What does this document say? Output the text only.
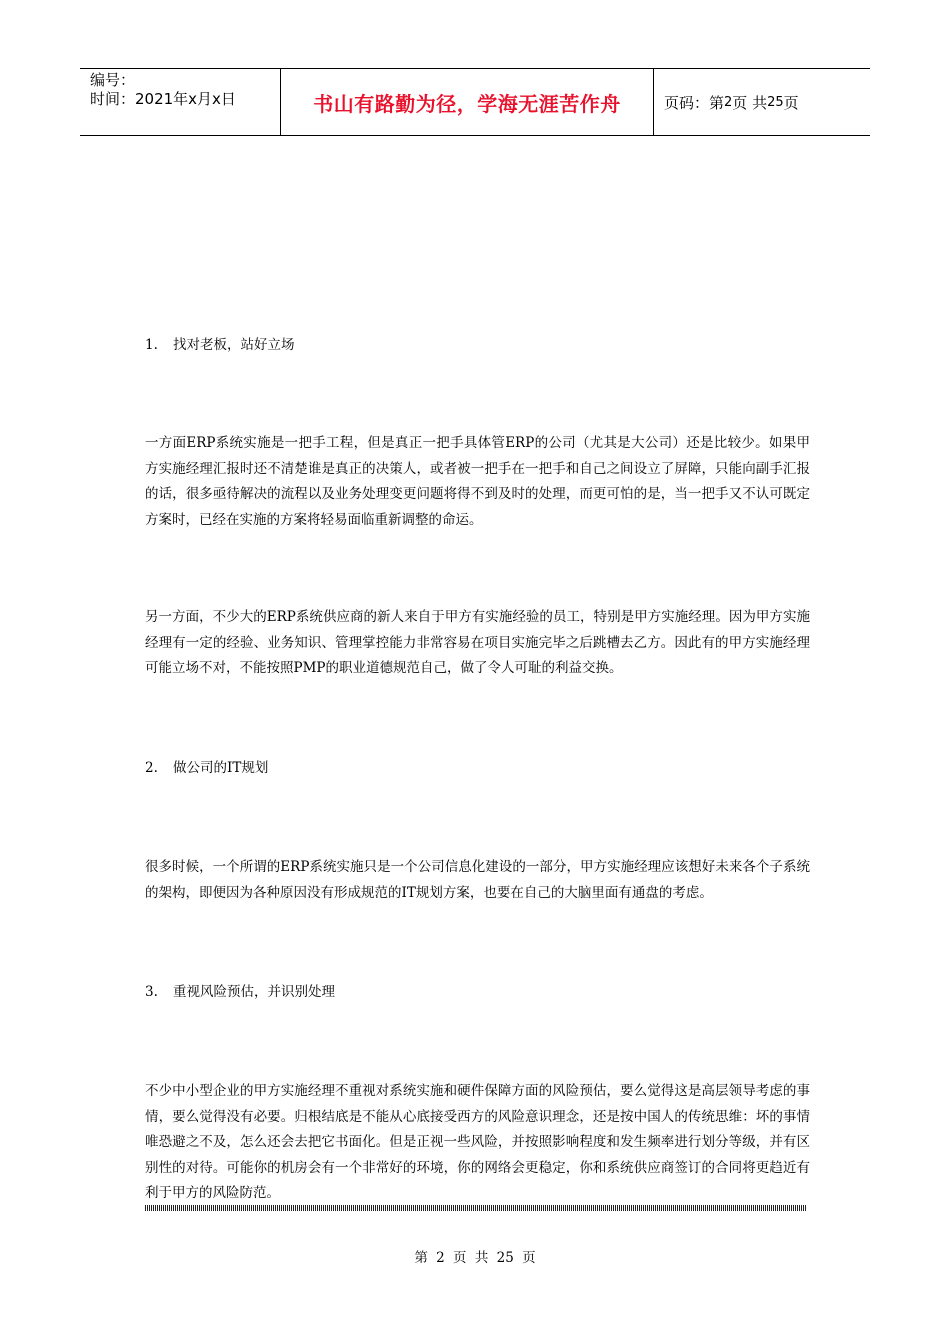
编号：
时间：2021年x月x日	书山有路勤为径，学海无涯苦作舟	页码：第 2 页 共 25 页
1. 找对老板，站好立场

一方面ERP系统实施是一把手工程，但是真正一把手具体管ERP的公司（尤其是大公司）还是比较少。如果甲方实施经理汇报时还不清楚谁是真正的决策人，或者被一把手在一把手和自己之间设立了屏障，只能向副手汇报的话，很多亟待解决的流程以及业务处理变更问题将得不到及时的处理，而更可怕的是，当一把手又不认可既定方案时，已经在实施的方案将轻易面临重新调整的命运。

另一方面，不少大的ERP系统供应商的新人来自于甲方有实施经验的员工，特别是甲方实施经理。因为甲方实施经理有一定的经验、业务知识、管理掌控能力非常容易在项目实施完毕之后跳槽去乙方。因此有的甲方实施经理可能立场不对，不能按照PMP的职业道德规范自己，做了令人可耻的利益交换。

2. 做公司的IT规划

很多时候，一个所谓的ERP系统实施只是一个公司信息化建设的一部分，甲方实施经理应该想好未来各个子系统的架构，即便因为各种原因没有形成规范的IT规划方案，也要在自己的大脑里面有通盘的考虑。

3. 重视风险预估，并识别处理

不少中小型企业的甲方实施经理不重视对系统实施和硬件保障方面的风险预估，要么觉得这是高层领导考虑的事情，要么觉得没有必要。归根结底是不能从心底接受西方的风险意识理念，还是按中国人的传统思维：坏的事情唯恐避之不及，怎么还会去把它书面化。但是正视一些风险，并按照影响程度和发生频率进行划分等级，并有区别性的对待。可能你的机房会有一个非常好的环境，你的网络会更稳定，你和系统供应商签订的合同将更趋近有利于甲方的风险防范。

第 2 页 共 25 页
